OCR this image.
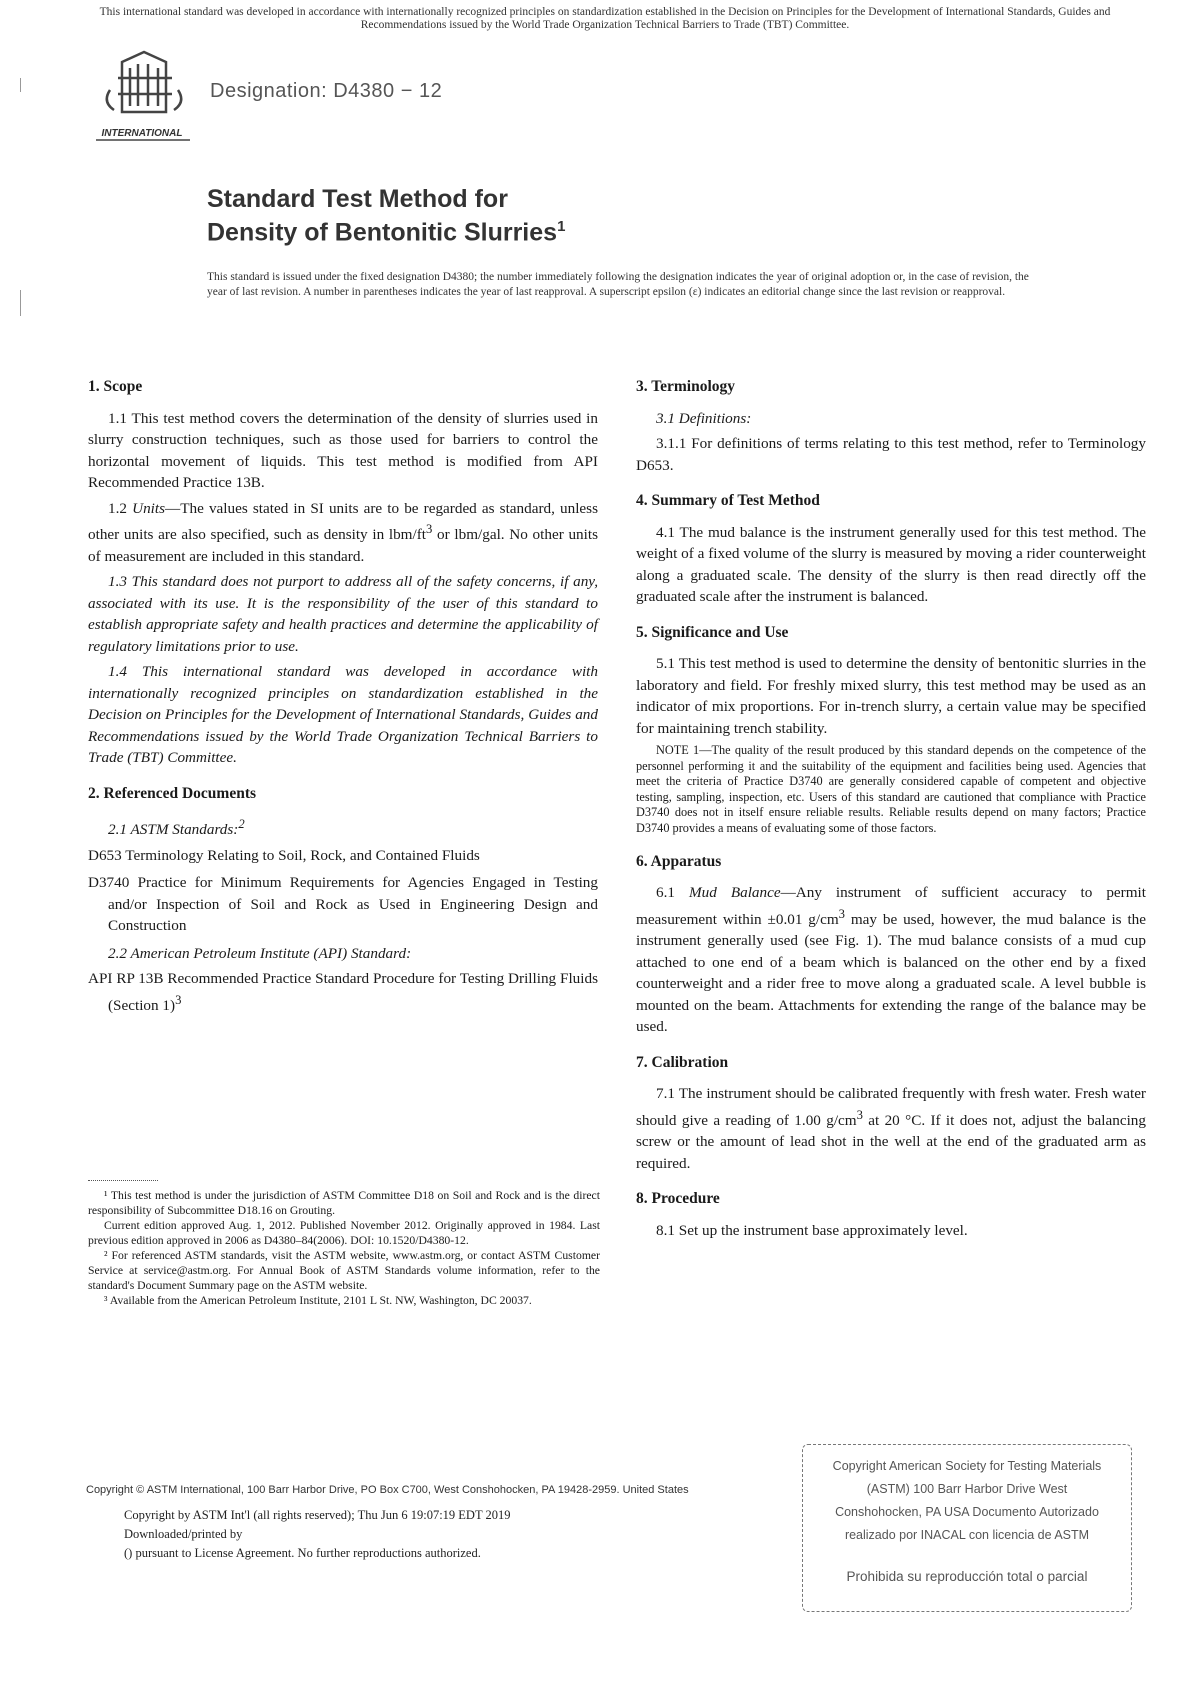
This international standard was developed in accordance with internationally recognized principles on standardization established in the Decision on Principles for the Development of International Standards, Guides and Recommendations issued by the World Trade Organization Technical Barriers to Trade (TBT) Committee.
INTERNATIONAL
Designation: D4380 − 12
Standard Test Method for
Density of Bentonitic Slurries$^1$
This standard is issued under the fixed designation D4380; the number immediately following the designation indicates the year of original adoption or, in the case of revision, the year of last revision. A number in parentheses indicates the year of last reapproval. A superscript epsilon (ε) indicates an editorial change since the last revision or reapproval.
1. Scope

1.1 This test method covers the determination of the density of slurries used in slurry construction techniques, such as those used for barriers to control the horizontal movement of liquids. This test method is modified from API Recommended Practice 13B.

1.2 Units—The values stated in SI units are to be regarded as standard, unless other units are also specified, such as density in lbm/$ft^3$ or lbm/gal. No other units of measurement are included in this standard.

1.3 This standard does not purport to address all of the safety concerns, if any, associated with its use. It is the responsibility of the user of this standard to establish appropriate safety and health practices and determine the applicability of regulatory limitations prior to use.

1.4 This international standard was developed in accordance with internationally recognized principles on standardization established in the Decision on Principles for the Development of International Standards, Guides and Recommendations issued by the World Trade Organization Technical Barriers to Trade (TBT) Committee.

2. Referenced Documents

2.1 ASTM Standards:$^2$

D653 Terminology Relating to Soil, Rock, and Contained Fluids

D3740 Practice for Minimum Requirements for Agencies Engaged in Testing and/or Inspection of Soil and Rock as Used in Engineering Design and Construction

2.2 American Petroleum Institute (API) Standard:

API RP 13B Recommended Practice Standard Procedure for Testing Drilling Fluids (Section 1)$^3$

¹ This test method is under the jurisdiction of ASTM Committee D18 on Soil and Rock and is the direct responsibility of Subcommittee D18.16 on Grouting.

Current edition approved Aug. 1, 2012. Published November 2012. Originally approved in 1984. Last previous edition approved in 2006 as D4380–84(2006). DOI: 10.1520/D4380-12.

² For referenced ASTM standards, visit the ASTM website, www.astm.org, or contact ASTM Customer Service at service@astm.org. For Annual Book of ASTM Standards volume information, refer to the standard's Document Summary page on the ASTM website.

³ Available from the American Petroleum Institute, 2101 L St. NW, Washington, DC 20037.

3. Terminology

3.1 Definitions:

3.1.1 For definitions of terms relating to this test method, refer to Terminology D653.

4. Summary of Test Method

4.1 The mud balance is the instrument generally used for this test method. The weight of a fixed volume of the slurry is measured by moving a rider counterweight along a graduated scale. The density of the slurry is then read directly off the graduated scale after the instrument is balanced.

5. Significance and Use

5.1 This test method is used to determine the density of bentonitic slurries in the laboratory and field. For freshly mixed slurry, this test method may be used as an indicator of mix proportions. For in-trench slurry, a certain value may be specified for maintaining trench stability.

NOTE 1—The quality of the result produced by this standard depends on the competence of the personnel performing it and the suitability of the equipment and facilities being used. Agencies that meet the criteria of Practice D3740 are generally considered capable of competent and objective testing, sampling, inspection, etc. Users of this standard are cautioned that compliance with Practice D3740 does not in itself ensure reliable results. Reliable results depend on many factors; Practice D3740 provides a means of evaluating some of those factors.
6. Apparatus

6.1 Mud Balance—Any instrument of sufficient accuracy to permit measurement within ±0.01 $g/cm^3$ may be used, however, the mud balance is the instrument generally used (see Fig. 1). The mud balance consists of a mud cup attached to one end of a beam which is balanced on the other end by a fixed counterweight and a rider free to move along a graduated scale. A level bubble is mounted on the beam. Attachments for extending the range of the balance may be used.

7. Calibration

7.1 The instrument should be calibrated frequently with fresh water. Fresh water should give a reading of 1.00 $g/cm^3$ at 20 °C. If it does not, adjust the balancing screw or the amount of lead shot in the well at the end of the graduated arm as required.

8. Procedure

8.1 Set up the instrument base approximately level.

Copyright © ASTM International, 100 Barr Harbor Drive, PO Box C700, West Conshohocken, PA 19428-2959. United States
Copyright by ASTM Int'l (all rights reserved); Thu Jun 6 19:07:19 EDT 2019
Downloaded/printed by
() pursuant to License Agreement. No further reproductions authorized.
Copyright American Society for Testing Materials
(ASTM) 100 Barr Harbor Drive West
Conshohocken, PA USA Documento Autorizado
realizado por INACAL con licencia de ASTM
Prohibida su reproducción total o parcial
